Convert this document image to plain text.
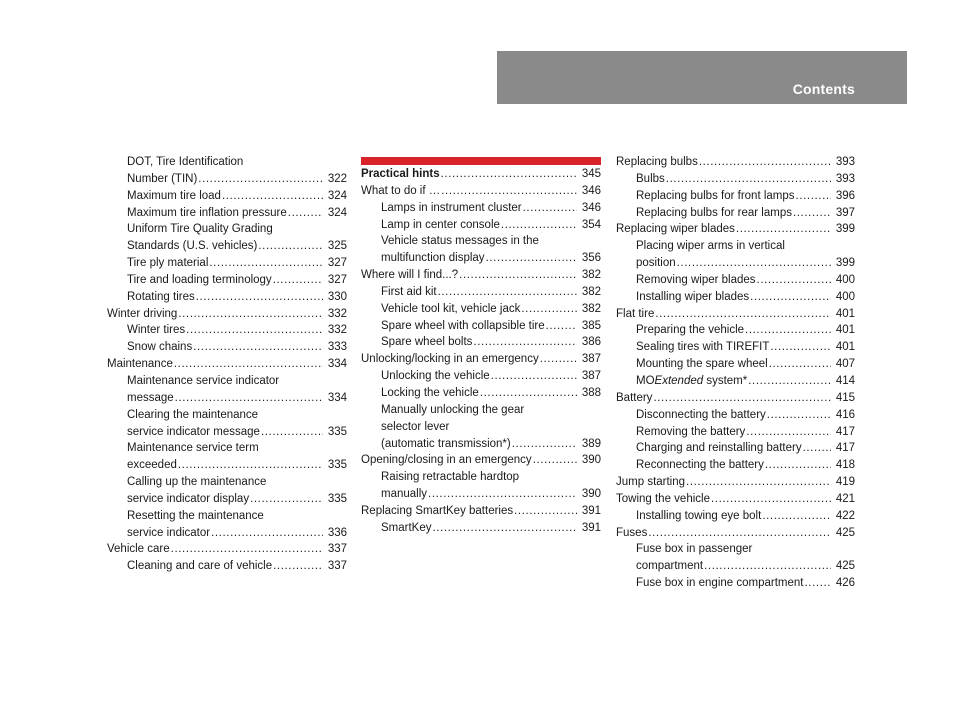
Contents
DOT, Tire Identification
Number (TIN) .....	322
Maximum tire load .....	324
Maximum tire inflation pressure .....	324
Uniform Tire Quality Grading
Standards (U.S. vehicles) .....	325
Tire ply material .....	327
Tire and loading terminology .....	327
Rotating tires .....	330
Winter driving .....	332
Winter tires .....	332
Snow chains .....	333
Maintenance .....	334
Maintenance service indicator
message .....	334
Clearing the maintenance
service indicator message .....	335
Maintenance service term
exceeded .....	335
Calling up the maintenance
service indicator display .....	335
Resetting the maintenance
service indicator .....	336
Vehicle care .....	337
Cleaning and care of vehicle .....	337
Practical hints .....	345
What to do if … .....	346
Lamps in instrument cluster .....	346
Lamp in center console .....	354
Vehicle status messages in the
multifunction display .....	356
Where will I find...? .....	382
First aid kit .....	382
Vehicle tool kit, vehicle jack .....	382
Spare wheel with collapsible tire .....	385
Spare wheel bolts .....	386
Unlocking/locking in an emergency .....	387
Unlocking the vehicle .....	387
Locking the vehicle .....	388
Manually unlocking the gear
selector lever
(automatic transmission*) .....	389
Opening/closing in an emergency .....	390
Raising retractable hardtop
manually .....	390
Replacing SmartKey batteries .....	391
SmartKey .....	391
Replacing bulbs .....	393
Bulbs .....	393
Replacing bulbs for front lamps .....	396
Replacing bulbs for rear lamps .....	397
Replacing wiper blades .....	399
Placing wiper arms in vertical
position .....	399
Removing wiper blades .....	400
Installing wiper blades .....	400
Flat tire .....	401
Preparing the vehicle .....	401
Sealing tires with TIREFIT .....	401
Mounting the spare wheel .....	407
MOExtended system* .....	414
Battery .....	415
Disconnecting the battery .....	416
Removing the battery .....	417
Charging and reinstalling battery .....	417
Reconnecting the battery .....	418
Jump starting .....	419
Towing the vehicle .....	421
Installing towing eye bolt .....	422
Fuses .....	425
Fuse box in passenger
compartment .....	425
Fuse box in engine compartment .....	426
